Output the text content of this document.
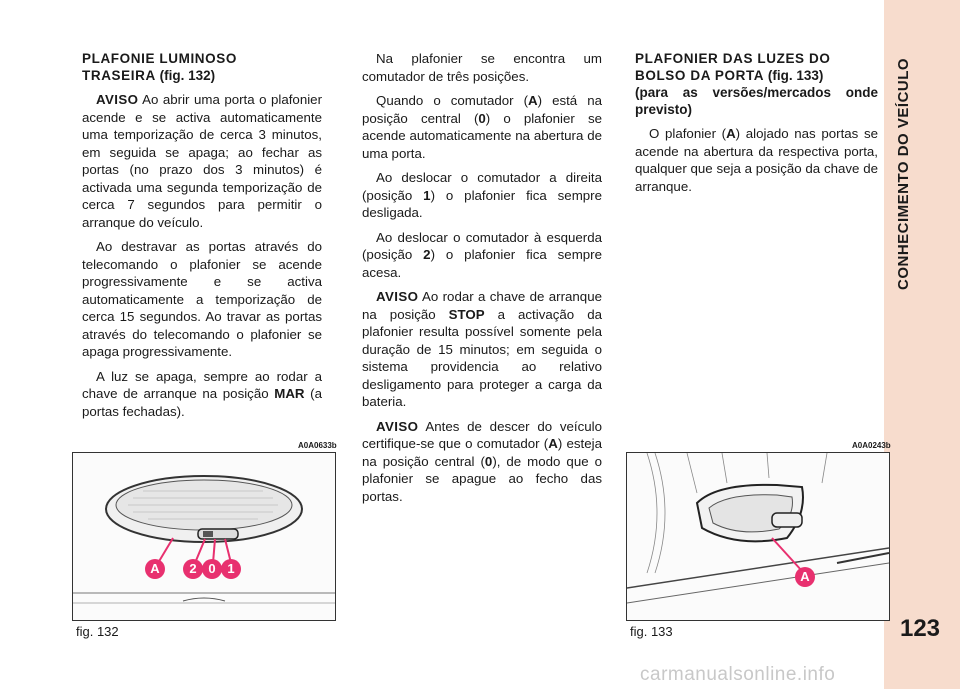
CONHECIMENTO DO VEÍCULO
123

PLAFONIE LUMINOSO
TRASEIRA (fig. 132)

AVISO Ao abrir uma porta o plafonier acende e se activa automaticamente uma temporização de cerca 3 minutos, em seguida se apaga; ao fechar as portas (no prazo dos 3 minutos) é activada uma segunda temporização de cerca 7 segundos para permitir o arranque do veículo.

Ao destravar as portas através do telecomando o plafonier se acende progressivamente e se activa automaticamente a temporização de cerca 15 segundos. Ao travar as portas através do telecomando o plafonier se apaga progressivamente.

A luz se apaga, sempre ao rodar a chave de arranque na posição MAR (a portas fechadas).

Na plafonier se encontra um comutador de três posições.

Quando o comutador (A) está na posição central (0) o plafonier se acende automaticamente na abertura de uma porta.

Ao deslocar o comutador a direita (posição 1) o plafonier fica sempre desligada.

Ao deslocar o comutador à esquerda (posição 2) o plafonier fica sempre acesa.

AVISO Ao rodar a chave de arranque na posição STOP a activação da plafonier resulta possível somente pela duração de 15 minutos; em seguida o sistema providencia ao relativo desligamento para proteger a carga da bateria.

AVISO Antes de descer do veículo certifique-se que o comutador (A) esteja na posição central (0), de modo que o plafonier se apague ao fecho das portas.

PLAFONIER DAS LUZES DO
BOLSO DA PORTA (fig. 133)
(para as versões/mercados onde previsto)

O plafonier (A) alojado nas portas se acende na abertura da respectiva porta, qualquer que seja a posição da chave de arranque.

A0A0633b
A	2 0 1
fig. 132
A0A0243b
A
fig. 133
carmanualsonline.info
